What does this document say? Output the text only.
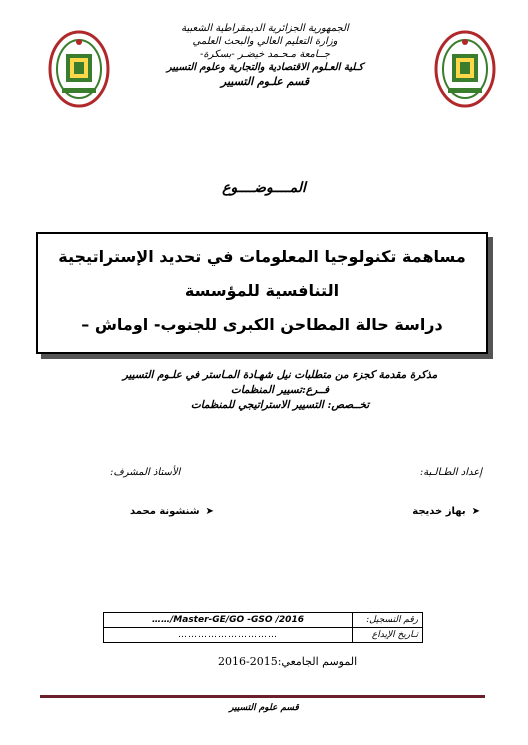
الجمهورية الجزائرية الديمقراطية الشعبية
وزارة التعليم العالي والبحث العلمي
جــامعة مـحـمد خيضـر -بسكرة-
كـلية العـلوم الاقتصادية والتجارية وعلوم التسيير
قسم علـوم التسيير
المــــوضــــوع
مساهمة تكنولوجيا المعلومات في تحديد الإستراتيجية
التنافسية للمؤسسة
دراسة حالة المطاحن الكبرى للجنوب- اوماش –
مذكرة مقدمة كجزء من متطلبات نيل شهـادة المـاستر في علـوم التسيير
فــرع:تسيير المنظمات
تخــصص: التسيير الاستراتيجي للمنظمات
إعداد الطـالـبة:
الأستاذ المشرف:
➤
بهاز خديجة
➤
شنشونة محمد
رقم التسجيل:	……/Master-GE/GO -GSO /2016
تـاريخ الإيداع	…………………………
الموسم الجامعي:2015-2016
قسم علوم التسيير
